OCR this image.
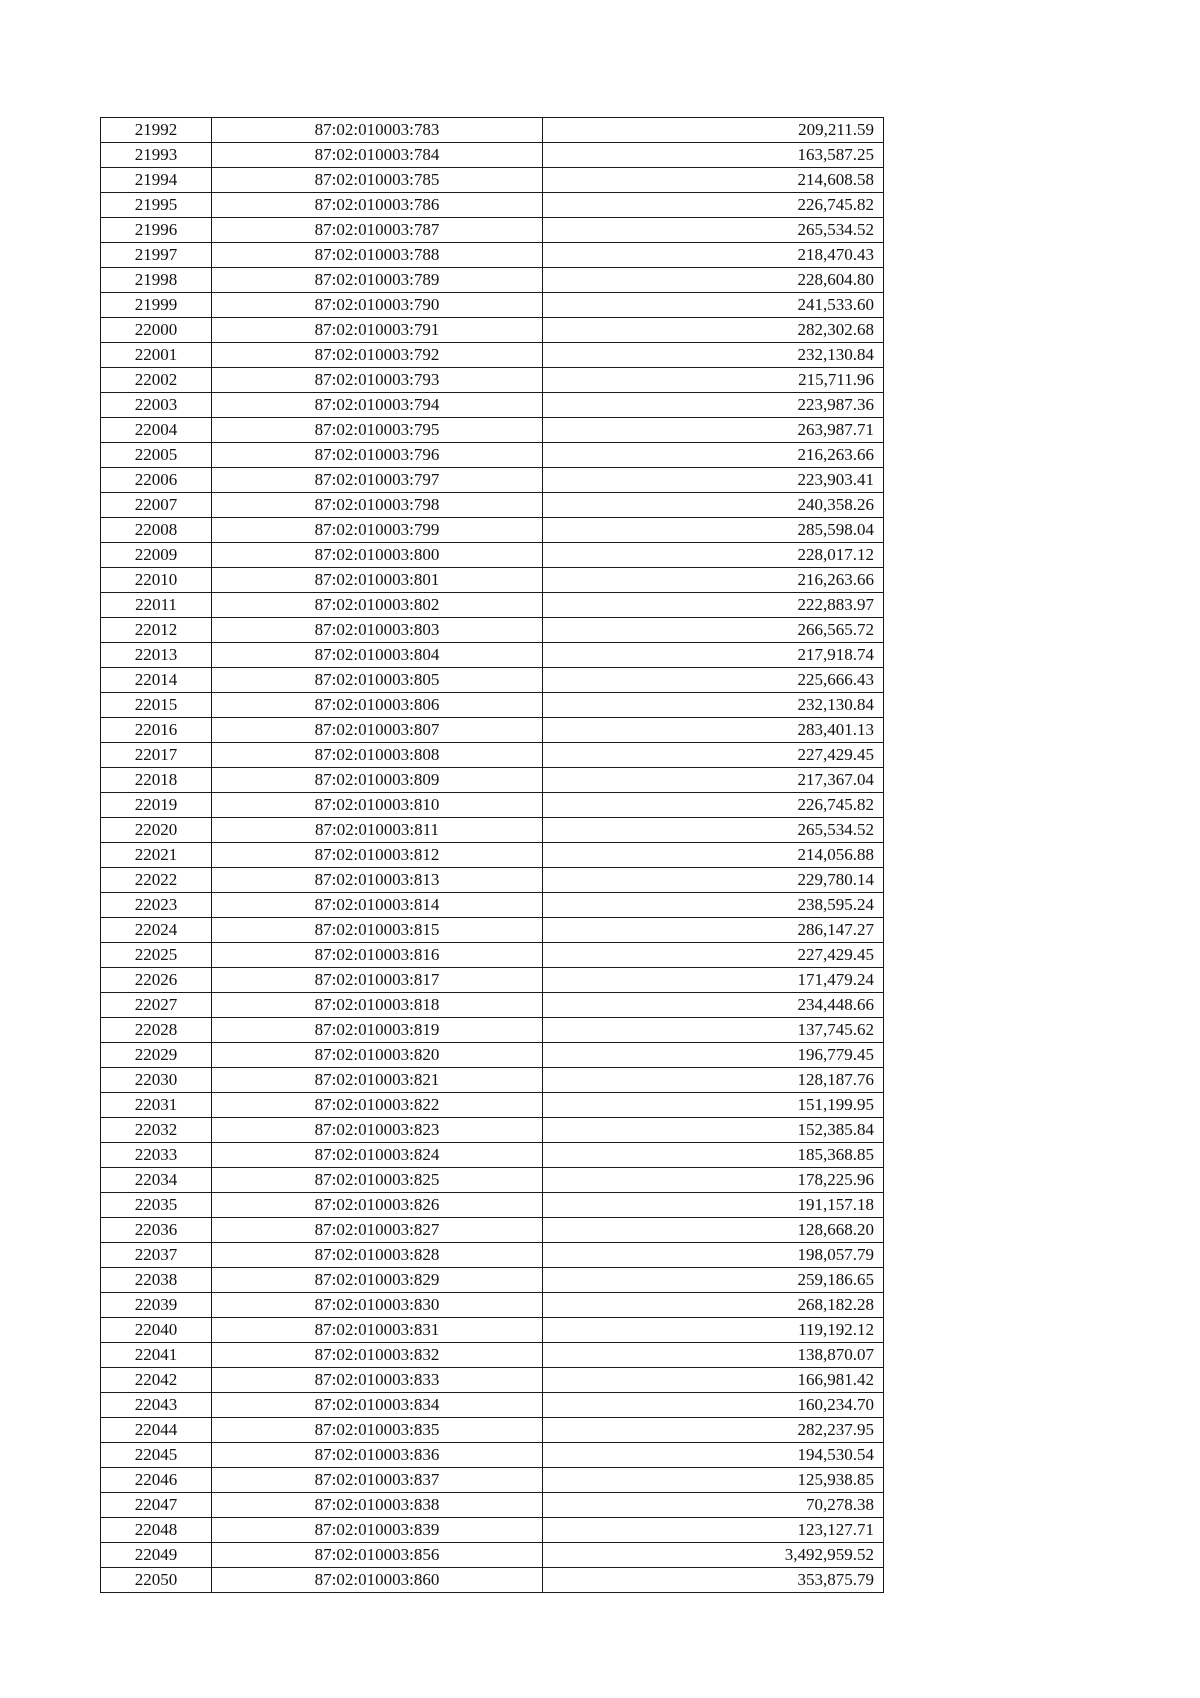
21992	87:02:010003:783	209,211.59
21993	87:02:010003:784	163,587.25
21994	87:02:010003:785	214,608.58
21995	87:02:010003:786	226,745.82
21996	87:02:010003:787	265,534.52
21997	87:02:010003:788	218,470.43
21998	87:02:010003:789	228,604.80
21999	87:02:010003:790	241,533.60
22000	87:02:010003:791	282,302.68
22001	87:02:010003:792	232,130.84
22002	87:02:010003:793	215,711.96
22003	87:02:010003:794	223,987.36
22004	87:02:010003:795	263,987.71
22005	87:02:010003:796	216,263.66
22006	87:02:010003:797	223,903.41
22007	87:02:010003:798	240,358.26
22008	87:02:010003:799	285,598.04
22009	87:02:010003:800	228,017.12
22010	87:02:010003:801	216,263.66
22011	87:02:010003:802	222,883.97
22012	87:02:010003:803	266,565.72
22013	87:02:010003:804	217,918.74
22014	87:02:010003:805	225,666.43
22015	87:02:010003:806	232,130.84
22016	87:02:010003:807	283,401.13
22017	87:02:010003:808	227,429.45
22018	87:02:010003:809	217,367.04
22019	87:02:010003:810	226,745.82
22020	87:02:010003:811	265,534.52
22021	87:02:010003:812	214,056.88
22022	87:02:010003:813	229,780.14
22023	87:02:010003:814	238,595.24
22024	87:02:010003:815	286,147.27
22025	87:02:010003:816	227,429.45
22026	87:02:010003:817	171,479.24
22027	87:02:010003:818	234,448.66
22028	87:02:010003:819	137,745.62
22029	87:02:010003:820	196,779.45
22030	87:02:010003:821	128,187.76
22031	87:02:010003:822	151,199.95
22032	87:02:010003:823	152,385.84
22033	87:02:010003:824	185,368.85
22034	87:02:010003:825	178,225.96
22035	87:02:010003:826	191,157.18
22036	87:02:010003:827	128,668.20
22037	87:02:010003:828	198,057.79
22038	87:02:010003:829	259,186.65
22039	87:02:010003:830	268,182.28
22040	87:02:010003:831	119,192.12
22041	87:02:010003:832	138,870.07
22042	87:02:010003:833	166,981.42
22043	87:02:010003:834	160,234.70
22044	87:02:010003:835	282,237.95
22045	87:02:010003:836	194,530.54
22046	87:02:010003:837	125,938.85
22047	87:02:010003:838	70,278.38
22048	87:02:010003:839	123,127.71
22049	87:02:010003:856	3,492,959.52
22050	87:02:010003:860	353,875.79
